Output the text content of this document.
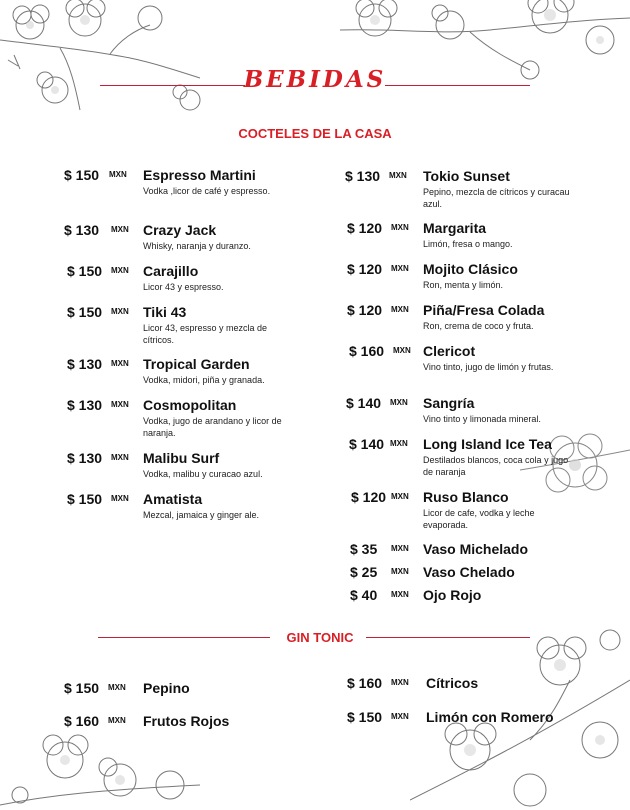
BEBIDAS
COCTELES DE LA CASA
$ 150 MXN Espresso Martini
Vodka ,licor de café y espresso.
$ 130 MXN Crazy Jack
Whisky, naranja y duranzo.
$ 150 MXN Carajillo
Licor 43 y espresso.
$ 150 MXN Tiki 43
Licor 43, espresso y mezcla de cítricos.
$ 130 MXN Tropical Garden
Vodka, midori, piña y granada.
$ 130 MXN Cosmopolitan
Vodka, jugo de arandano y licor de naranja.
$ 130 MXN Malibu Surf
Vodka, malibu y curacao azul.
$ 150 MXN Amatista
Mezcal, jamaica y ginger ale.
$ 130 MXN Tokio Sunset
Pepino, mezcla de cítricos y curacau azul.
$ 120 MXN Margarita
Limón, fresa o mango.
$ 120 MXN Mojito Clásico
Ron, menta y limón.
$ 120 MXN Piña/Fresa Colada
Ron, crema de coco y fruta.
$ 160 MXN Clericot
Vino tinto, jugo de limón y frutas.
$ 140 MXN Sangría
Vino tinto y limonada mineral.
$ 140 MXN Long Island Ice Tea
Destilados blancos, coca cola y jugo de naranja
$ 120 MXN Ruso Blanco
Licor de cafe, vodka y leche evaporada.
$ 35 MXN Vaso Michelado
$ 25 MXN Vaso Chelado
$ 40 MXN Ojo Rojo
GIN TONIC
$ 150 MXN Pepino
$ 160 MXN Frutos Rojos
$ 160 MXN Cítricos
$ 150 MXN Limón con Romero
